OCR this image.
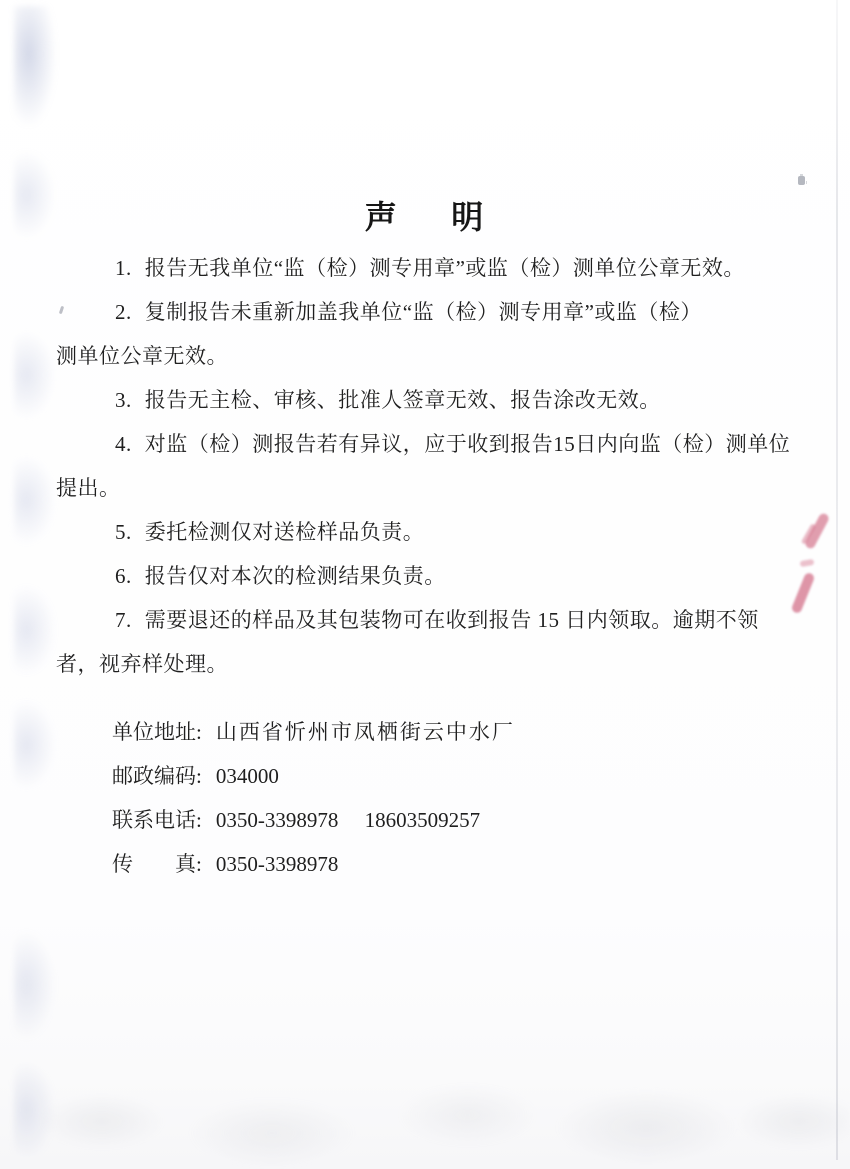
声    明

1. 报告无我单位“监（检）测专用章”或监（检）测单位公章无效。

2. 复制报告未重新加盖我单位“监（检）测专用章”或监（检）
测单位公章无效。

3. 报告无主检、审核、批准人签章无效、报告涂改无效。

4. 对监（检）测报告若有异议，应于收到报告15日内向监（检）测单位
提出。

5. 委托检测仅对送检样品负责。

6. 报告仅对本次的检测结果负责。

7. 需要退还的样品及其包装物可在收到报告 15 日内领取。逾期不领
者，视弃样处理。

单位地址: 山西省忻州市凤栖街云中水厂
邮政编码: 034000
联系电话: 0350-3398978     18603509257
传　　真: 0350-3398978
